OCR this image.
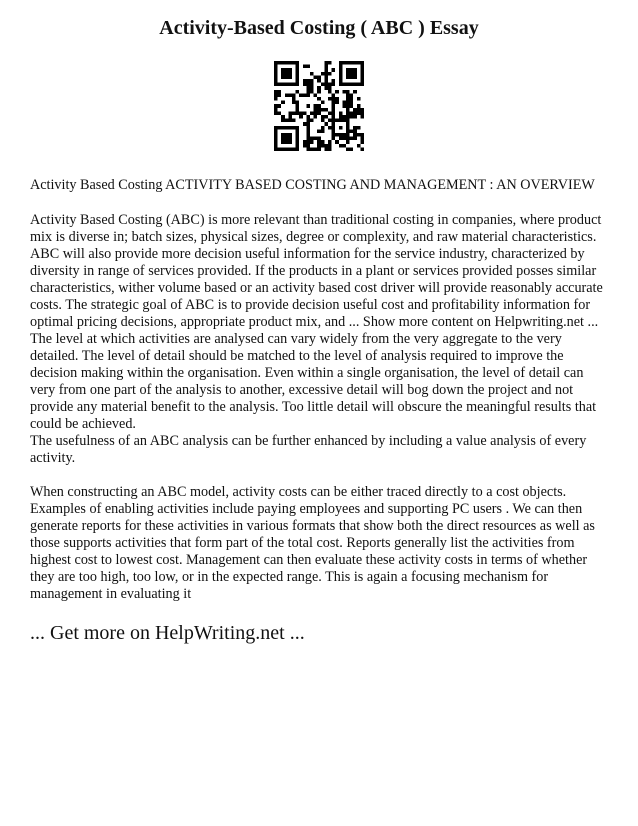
Activity-Based Costing ( ABC ) Essay

Activity Based Costing ACTIVITY BASED COSTING AND MANAGEMENT : AN OVERVIEW

Activity Based Costing (ABC) is more relevant than traditional costing in companies, where product mix is diverse in; batch sizes, physical sizes, degree or complexity, and raw material characteristics. ABC will also provide more decision useful information for the service industry, characterized by diversity in range of services provided. If the products in a plant or services provided posses similar characteristics, wither volume based or an activity based cost driver will provide reasonably accurate costs. The strategic goal of ABC is to provide decision useful cost and profitability information for optimal pricing decisions, appropriate product mix, and ... Show more content on Helpwriting.net ... The level at which activities are analysed can vary widely from the very aggregate to the very detailed. The level of detail should be matched to the level of analysis required to improve the decision making within the organisation. Even within a single organisation, the level of detail can very from one part of the analysis to another, excessive detail will bog down the project and not provide any material benefit to the analysis. Too little detail will obscure the meaningful results that could be achieved.

The usefulness of an ABC analysis can be further enhanced by including a value analysis of every activity.

When constructing an ABC model, activity costs can be either traced directly to a cost objects. Examples of enabling activities include paying employees and supporting PC users . We can then generate reports for these activities in various formats that show both the direct resources as well as those supports activities that form part of the total cost. Reports generally list the activities from highest cost to lowest cost. Management can then evaluate these activity costs in terms of whether they are too high, too low, or in the expected range. This is again a focusing mechanism for management in evaluating it

... Get more on HelpWriting.net ...
